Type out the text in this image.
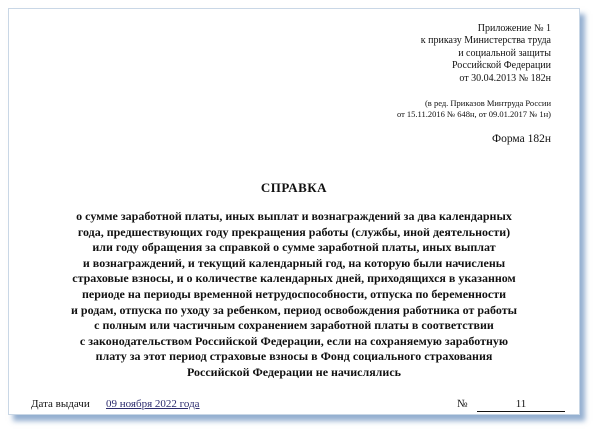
Приложение № 1
к приказу Министерства труда
и социальной защиты
Российской Федерации
от 30.04.2013 № 182н
(в ред. Приказов Минтруда России
от 15.11.2016 № 648н, от 09.01.2017 № 1н)
Форма 182н
СПРАВКА
о сумме заработной платы, иных выплат и вознаграждений за два календарных
года, предшествующих году прекращения работы (службы, иной деятельности)
или году обращения за справкой о сумме заработной платы, иных выплат
и вознаграждений, и текущий календарный год, на которую были начислены
страховые взносы, и о количестве календарных дней, приходящихся в указанном
периоде на периоды временной нетрудоспособности, отпуска по беременности
и родам, отпуска по уходу за ребенком, период освобождения работника от работы
с полным или частичным сохранением заработной платы в соответствии
с законодательством Российской Федерации, если на сохраняемую заработную
плату за этот период страховые взносы в Фонд социального страхования
Российской Федерации не начислялись
Дата выдачи 09 ноября 2022 года	№	11
